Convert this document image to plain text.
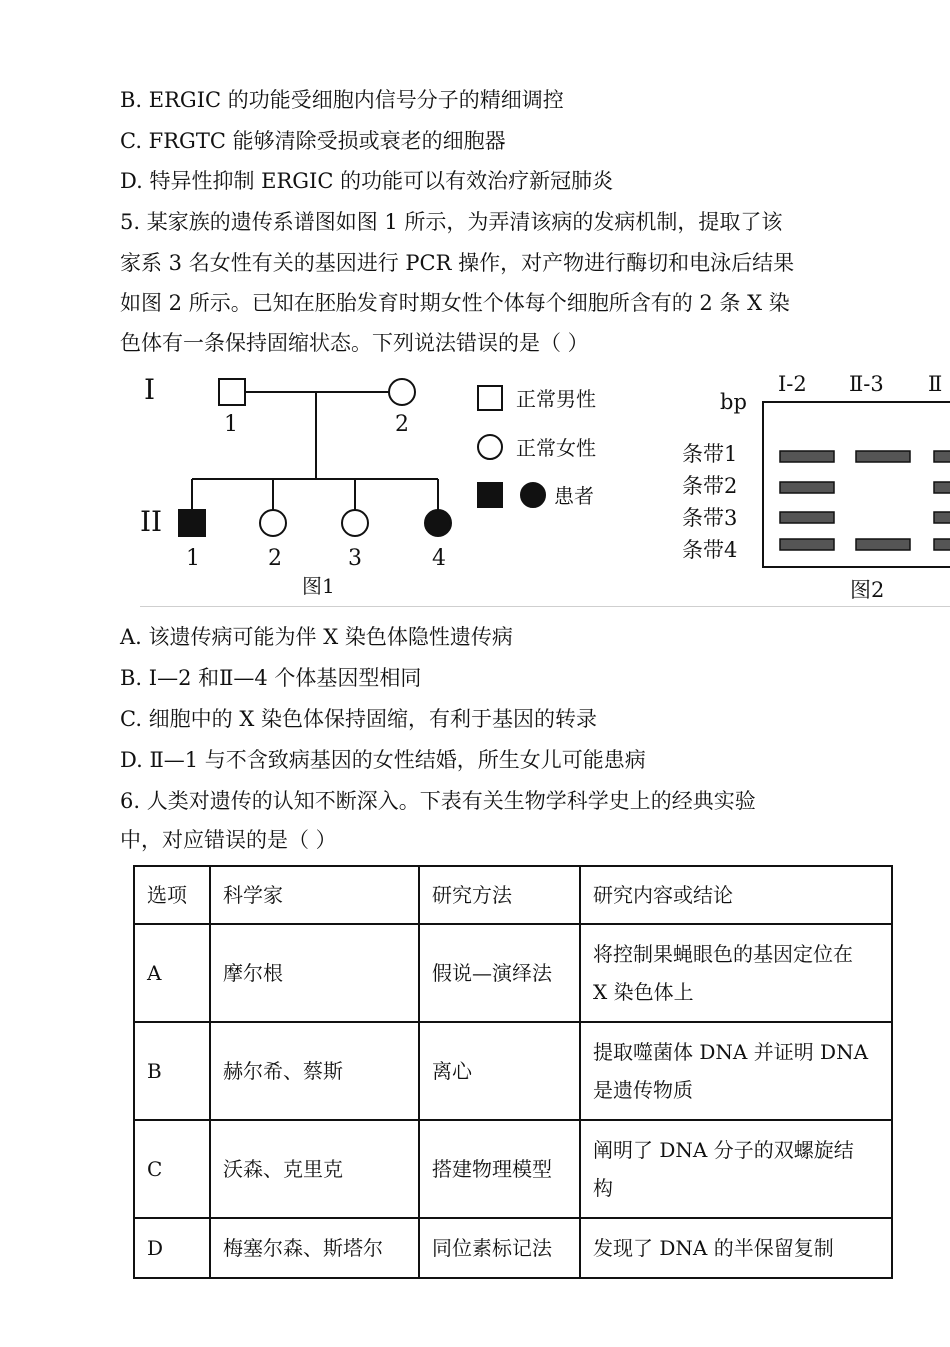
B. ERGIC 的功能受细胞内信号分子的精细调控
C. FRGTC 能够清除受损或衰老的细胞器
D. 特异性抑制 ERGIC 的功能可以有效治疗新冠肺炎
5. 某家族的遗传系谱图如图 1 所示，为弄清该病的发病机制，提取了该
家系 3 名女性有关的基因进行 PCR 操作，对产物进行酶切和电泳后结果
如图 2 所示。已知在胚胎发育时期女性个体每个细胞所含有的 2 条 X 染
色体有一条保持固缩状态。下列说法错误的是（ ）
I
II
1	2
1	2	3	4
图1
正常男性
正常女性
患者
bp
Ⅰ-2 Ⅱ-3 Ⅱ
条带1
条带2
条带3
条带4
图2
A. 该遗传病可能为伴 X 染色体隐性遗传病
B. Ⅰ—2 和Ⅱ—4 个体基因型相同
C. 细胞中的 X 染色体保持固缩，有利于基因的转录
D. Ⅱ—1 与不含致病基因的女性结婚，所生女儿可能患病
6. 人类对遗传的认知不断深入。下表有关生物学科学史上的经典实验
中，对应错误的是（ ）
选项	科学家	研究方法	研究内容或结论
A	摩尔根	假说—演绎法	将控制果蝇眼色的基因定位在
X 染色体上

B	赫尔希、蔡斯	离心	提取噬菌体 DNA 并证明 DNA
是遗传物质

C	沃森、克里克	搭建物理模型	阐明了 DNA 分子的双螺旋结
构

D	梅塞尔森、斯塔尔	同位素标记法	发现了 DNA 的半保留复制
